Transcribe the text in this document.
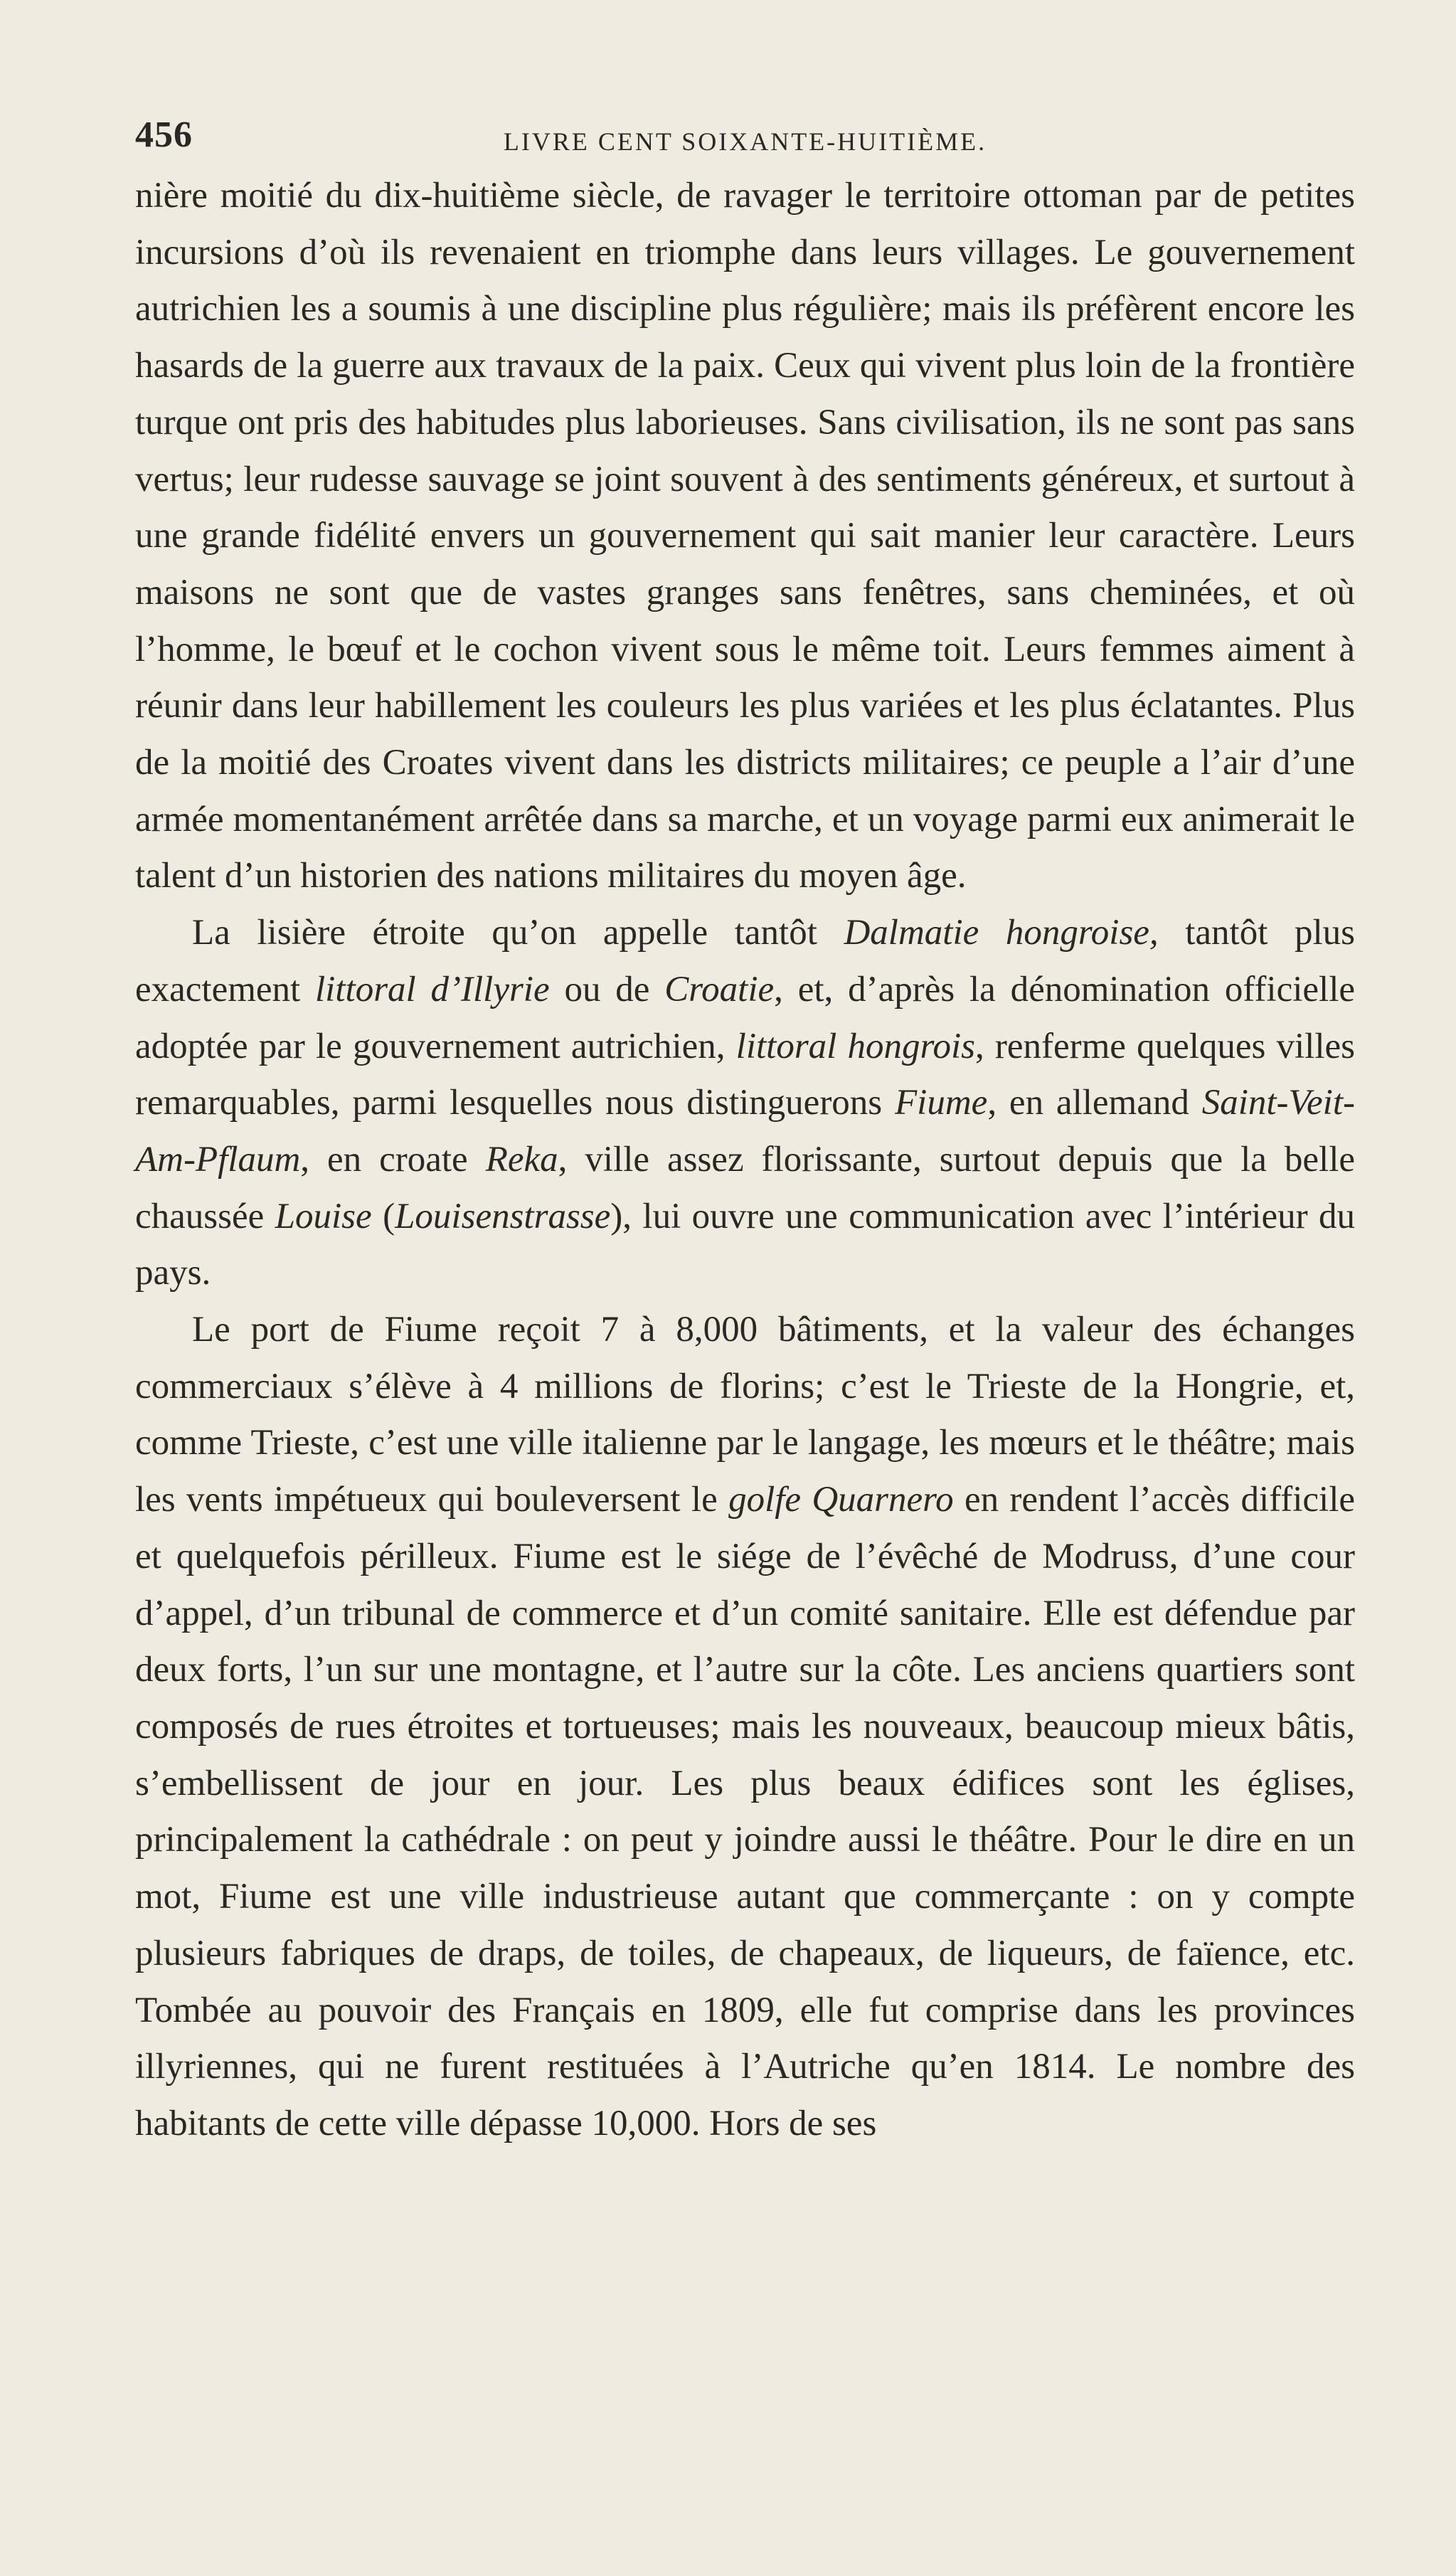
456	LIVRE CENT SOIXANTE-HUITIÈME.

nière moitié du dix-huitième siècle, de ravager le territoire ottoman par de petites incursions d’où ils revenaient en triomphe dans leurs villages. Le gouvernement autrichien les a soumis à une discipline plus régulière; mais ils préfèrent encore les hasards de la guerre aux travaux de la paix. Ceux qui vivent plus loin de la frontière turque ont pris des habitudes plus laborieuses. Sans civilisation, ils ne sont pas sans vertus; leur rudesse sauvage se joint souvent à des sentiments généreux, et surtout à une grande fidélité envers un gouvernement qui sait manier leur caractère. Leurs maisons ne sont que de vastes granges sans fenêtres, sans cheminées, et où l’homme, le bœuf et le cochon vivent sous le même toit. Leurs femmes aiment à réunir dans leur habillement les couleurs les plus variées et les plus éclatantes. Plus de la moitié des Croates vivent dans les districts militaires; ce peuple a l’air d’une armée momentanément arrêtée dans sa marche, et un voyage parmi eux animerait le talent d’un historien des nations militaires du moyen âge.

La lisière étroite qu’on appelle tantôt Dalmatie hongroise, tantôt plus exactement littoral d’Illyrie ou de Croatie, et, d’après la dénomination officielle adoptée par le gouvernement autrichien, littoral hongrois, renferme quelques villes remarquables, parmi lesquelles nous distinguerons Fiume, en allemand Saint-Veit-Am-Pflaum, en croate Reka, ville assez florissante, surtout depuis que la belle chaussée Louise (Louisenstrasse), lui ouvre une communication avec l’intérieur du pays.

Le port de Fiume reçoit 7 à 8,000 bâtiments, et la valeur des échanges commerciaux s’élève à 4 millions de florins; c’est le Trieste de la Hongrie, et, comme Trieste, c’est une ville italienne par le langage, les mœurs et le théâtre; mais les vents impétueux qui bouleversent le golfe Quarnero en rendent l’accès difficile et quelquefois périlleux. Fiume est le siége de l’évêché de Modruss, d’une cour d’appel, d’un tribunal de commerce et d’un comité sanitaire. Elle est défendue par deux forts, l’un sur une montagne, et l’autre sur la côte. Les anciens quartiers sont composés de rues étroites et tortueuses; mais les nouveaux, beaucoup mieux bâtis, s’embellissent de jour en jour. Les plus beaux édifices sont les églises, principalement la cathédrale : on peut y joindre aussi le théâtre. Pour le dire en un mot, Fiume est une ville industrieuse autant que commerçante : on y compte plusieurs fabriques de draps, de toiles, de chapeaux, de liqueurs, de faïence, etc. Tombée au pouvoir des Français en 1809, elle fut comprise dans les provinces illyriennes, qui ne furent restituées à l’Autriche qu’en 1814. Le nombre des habitants de cette ville dépasse 10,000. Hors de ses
